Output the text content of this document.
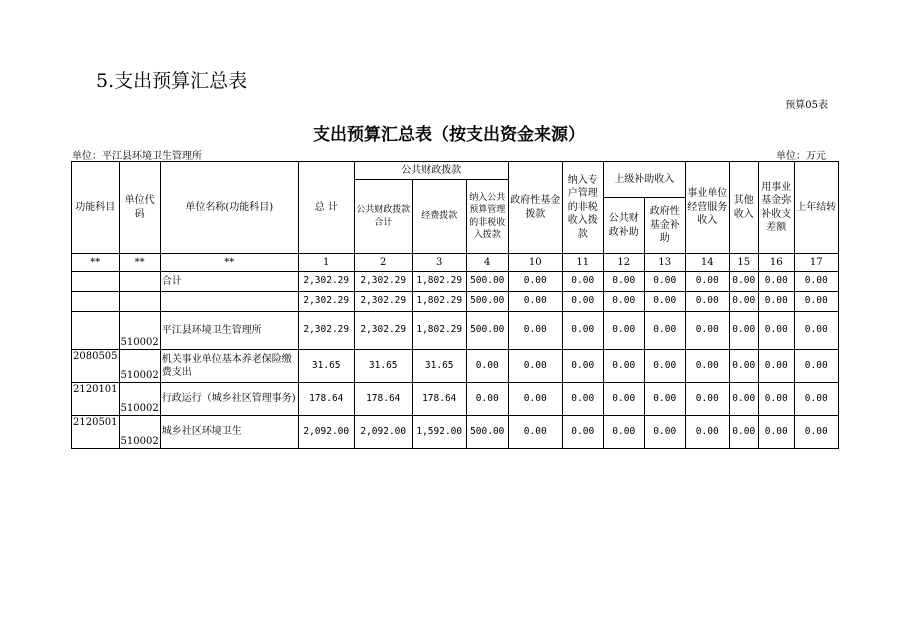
5.支出预算汇总表
预算05表
支出预算汇总表（按支出资金来源）
单位：平江县环境卫生管理所	单位：万元
功能科目	单位代码	单位名称(功能科目)	总 计	公共财政拨款			政府性基金拨款	纳入专户管理的非税收入拨款	上级补助收入		事业单位经营服务收入	其他收入	用事业基金弥补收支差额	上年结转
				公共财政拨款合计	经费拨款	纳入公共预算管理的非税收入拨款								
									公共财政补助	政府性基金补助				
**	**	**	1	2	3	4	10	11	12	13	14	15	16	17
		合计	2,302.29	2,302.29	1,802.29	500.00	0.00	0.00	0.00	0.00	0.00	0.00	0.00	0.00
			2,302.29	2,302.29	1,802.29	500.00	0.00	0.00	0.00	0.00	0.00	0.00	0.00	0.00
	510002	平江县环境卫生管理所	2,302.29	2,302.29	1,802.29	500.00	0.00	0.00	0.00	0.00	0.00	0.00	0.00	0.00
2080505	510002	机关事业单位基本养老保险缴费支出	31.65	31.65	31.65	0.00	0.00	0.00	0.00	0.00	0.00	0.00	0.00	0.00
2120101	510002	行政运行（城乡社区管理事务)	178.64	178.64	178.64	0.00	0.00	0.00	0.00	0.00	0.00	0.00	0.00	0.00
2120501	510002	城乡社区环境卫生	2,092.00	2,092.00	1,592.00	500.00	0.00	0.00	0.00	0.00	0.00	0.00	0.00	0.00
